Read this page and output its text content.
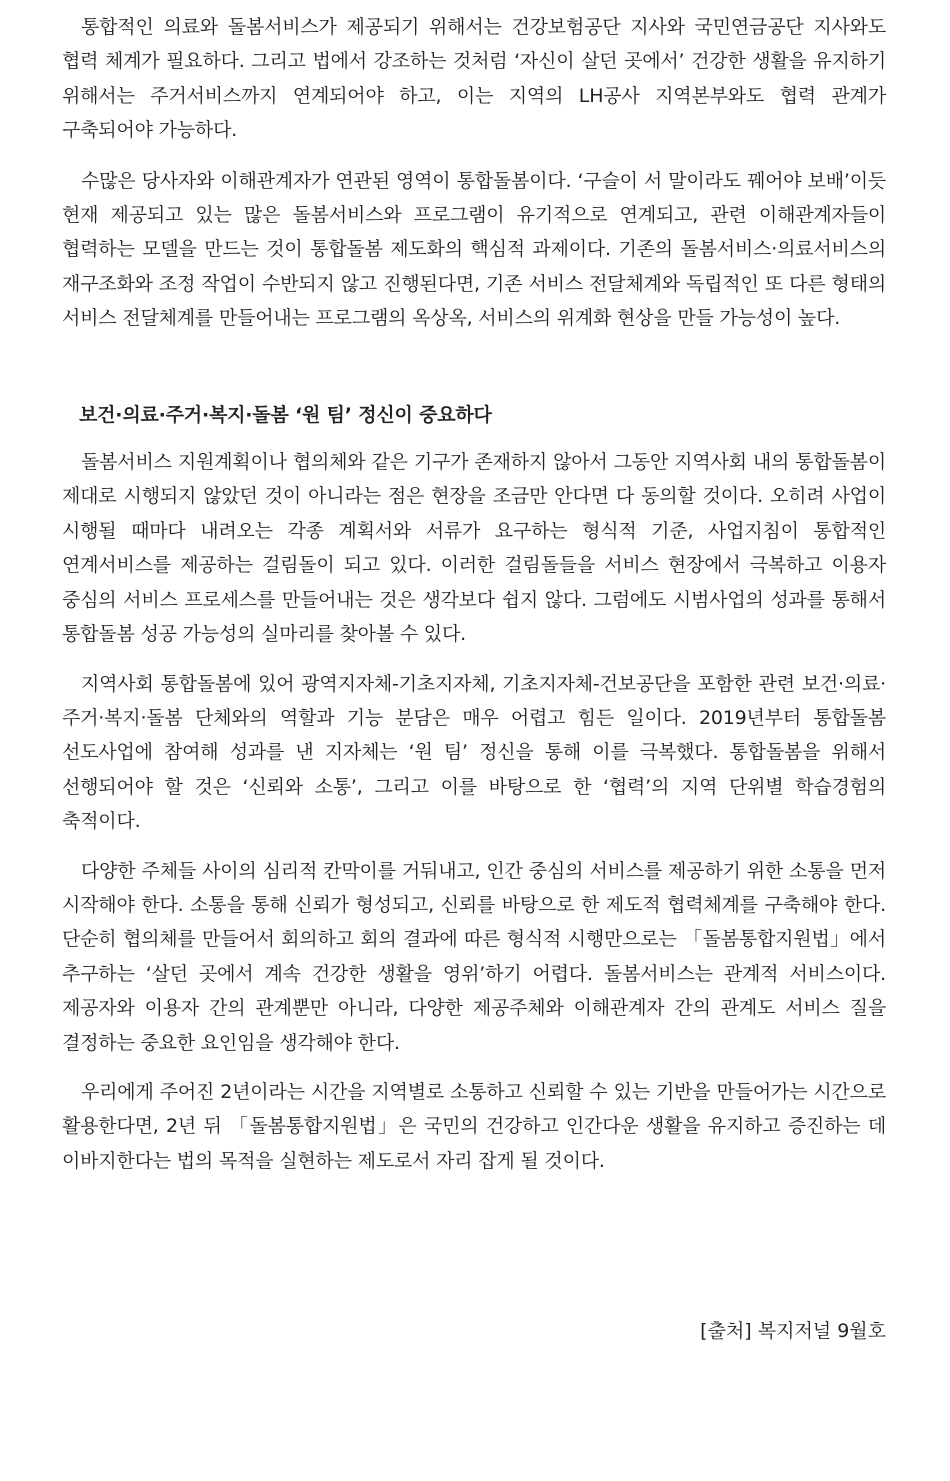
통합적인 의료와 돌봄서비스가 제공되기 위해서는 건강보험공단 지사와 국민연금공단 지사와도 협력 체계가 필요하다. 그리고 법에서 강조하는 것처럼 ‘자신이 살던 곳에서’ 건강한 생활을 유지하기 위해서는 주거서비스까지 연계되어야 하고, 이는 지역의 LH공사 지역본부와도 협력 관계가 구축되어야 가능하다.

수많은 당사자와 이해관계자가 연관된 영역이 통합돌봄이다. ‘구슬이 서 말이라도 꿰어야 보배’이듯 현재 제공되고 있는 많은 돌봄서비스와 프로그램이 유기적으로 연계되고, 관련 이해관계자들이 협력하는 모델을 만드는 것이 통합돌봄 제도화의 핵심적 과제이다. 기존의 돌봄서비스·의료서비스의 재구조화와 조정 작업이 수반되지 않고 진행된다면, 기존 서비스 전달체계와 독립적인 또 다른 형태의 서비스 전달체계를 만들어내는 프로그램의 옥상옥, 서비스의 위계화 현상을 만들 가능성이 높다.

보건·의료·주거·복지·돌봄 ‘원 팀’ 정신이 중요하다

돌봄서비스 지원계획이나 협의체와 같은 기구가 존재하지 않아서 그동안 지역사회 내의 통합돌봄이 제대로 시행되지 않았던 것이 아니라는 점은 현장을 조금만 안다면 다 동의할 것이다. 오히려 사업이 시행될 때마다 내려오는 각종 계획서와 서류가 요구하는 형식적 기준, 사업지침이 통합적인 연계서비스를 제공하는 걸림돌이 되고 있다. 이러한 걸림돌들을 서비스 현장에서 극복하고 이용자 중심의 서비스 프로세스를 만들어내는 것은 생각보다 쉽지 않다. 그럼에도 시범사업의 성과를 통해서 통합돌봄 성공 가능성의 실마리를 찾아볼 수 있다.

지역사회 통합돌봄에 있어 광역지자체-기초지자체, 기초지자체-건보공단을 포함한 관련 보건·의료·주거·복지·돌봄 단체와의 역할과 기능 분담은 매우 어렵고 힘든 일이다. 2019년부터 통합돌봄 선도사업에 참여해 성과를 낸 지자체는 ‘원 팀’ 정신을 통해 이를 극복했다. 통합돌봄을 위해서 선행되어야 할 것은 ‘신뢰와 소통’, 그리고 이를 바탕으로 한 ‘협력’의 지역 단위별 학습경험의 축적이다.

다양한 주체들 사이의 심리적 칸막이를 거둬내고, 인간 중심의 서비스를 제공하기 위한 소통을 먼저 시작해야 한다. 소통을 통해 신뢰가 형성되고, 신뢰를 바탕으로 한 제도적 협력체계를 구축해야 한다. 단순히 협의체를 만들어서 회의하고 회의 결과에 따른 형식적 시행만으로는 「돌봄통합지원법」에서 추구하는 ‘살던 곳에서 계속 건강한 생활을 영위’하기 어렵다. 돌봄서비스는 관계적 서비스이다. 제공자와 이용자 간의 관계뿐만 아니라, 다양한 제공주체와 이해관계자 간의 관계도 서비스 질을 결정하는 중요한 요인임을 생각해야 한다.

우리에게 주어진 2년이라는 시간을 지역별로 소통하고 신뢰할 수 있는 기반을 만들어가는 시간으로 활용한다면, 2년 뒤 「돌봄통합지원법」은 국민의 건강하고 인간다운 생활을 유지하고 증진하는 데 이바지한다는 법의 목적을 실현하는 제도로서 자리 잡게 될 것이다.

[출처] 복지저널 9월호
